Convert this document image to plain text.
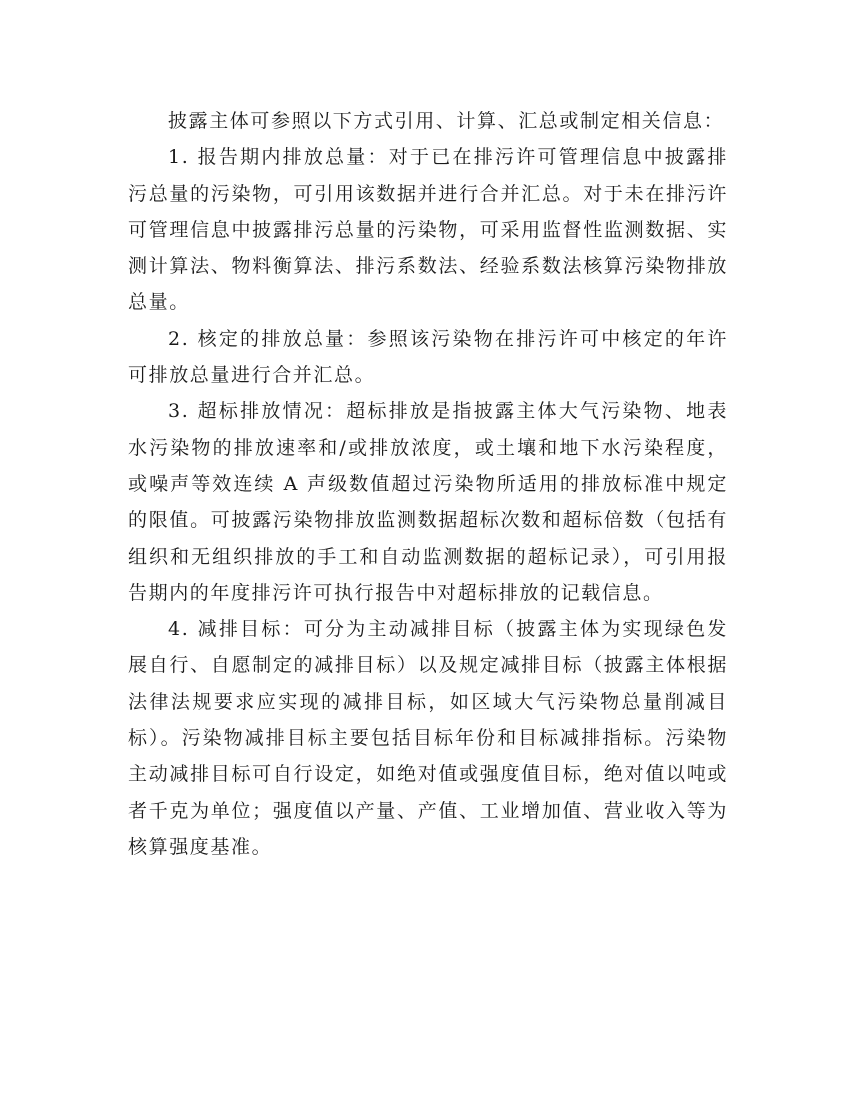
披露主体可参照以下方式引用、计算、汇总或制定相关信息：

1. 报告期内排放总量：对于已在排污许可管理信息中披露排污总量的污染物，可引用该数据并进行合并汇总。对于未在排污许可管理信息中披露排污总量的污染物，可采用监督性监测数据、实测计算法、物料衡算法、排污系数法、经验系数法核算污染物排放总量。

2. 核定的排放总量：参照该污染物在排污许可中核定的年许可排放总量进行合并汇总。

3. 超标排放情况：超标排放是指披露主体大气污染物、地表水污染物的排放速率和/或排放浓度，或土壤和地下水污染程度，或噪声等效连续 A 声级数值超过污染物所适用的排放标准中规定的限值。可披露污染物排放监测数据超标次数和超标倍数（包括有组织和无组织排放的手工和自动监测数据的超标记录），可引用报告期内的年度排污许可执行报告中对超标排放的记载信息。

4. 减排目标：可分为主动减排目标（披露主体为实现绿色发展自行、自愿制定的减排目标）以及规定减排目标（披露主体根据法律法规要求应实现的减排目标，如区域大气污染物总量削减目标）。污染物减排目标主要包括目标年份和目标减排指标。污染物主动减排目标可自行设定，如绝对值或强度值目标，绝对值以吨或者千克为单位；强度值以产量、产值、工业增加值、营业收入等为核算强度基准。
